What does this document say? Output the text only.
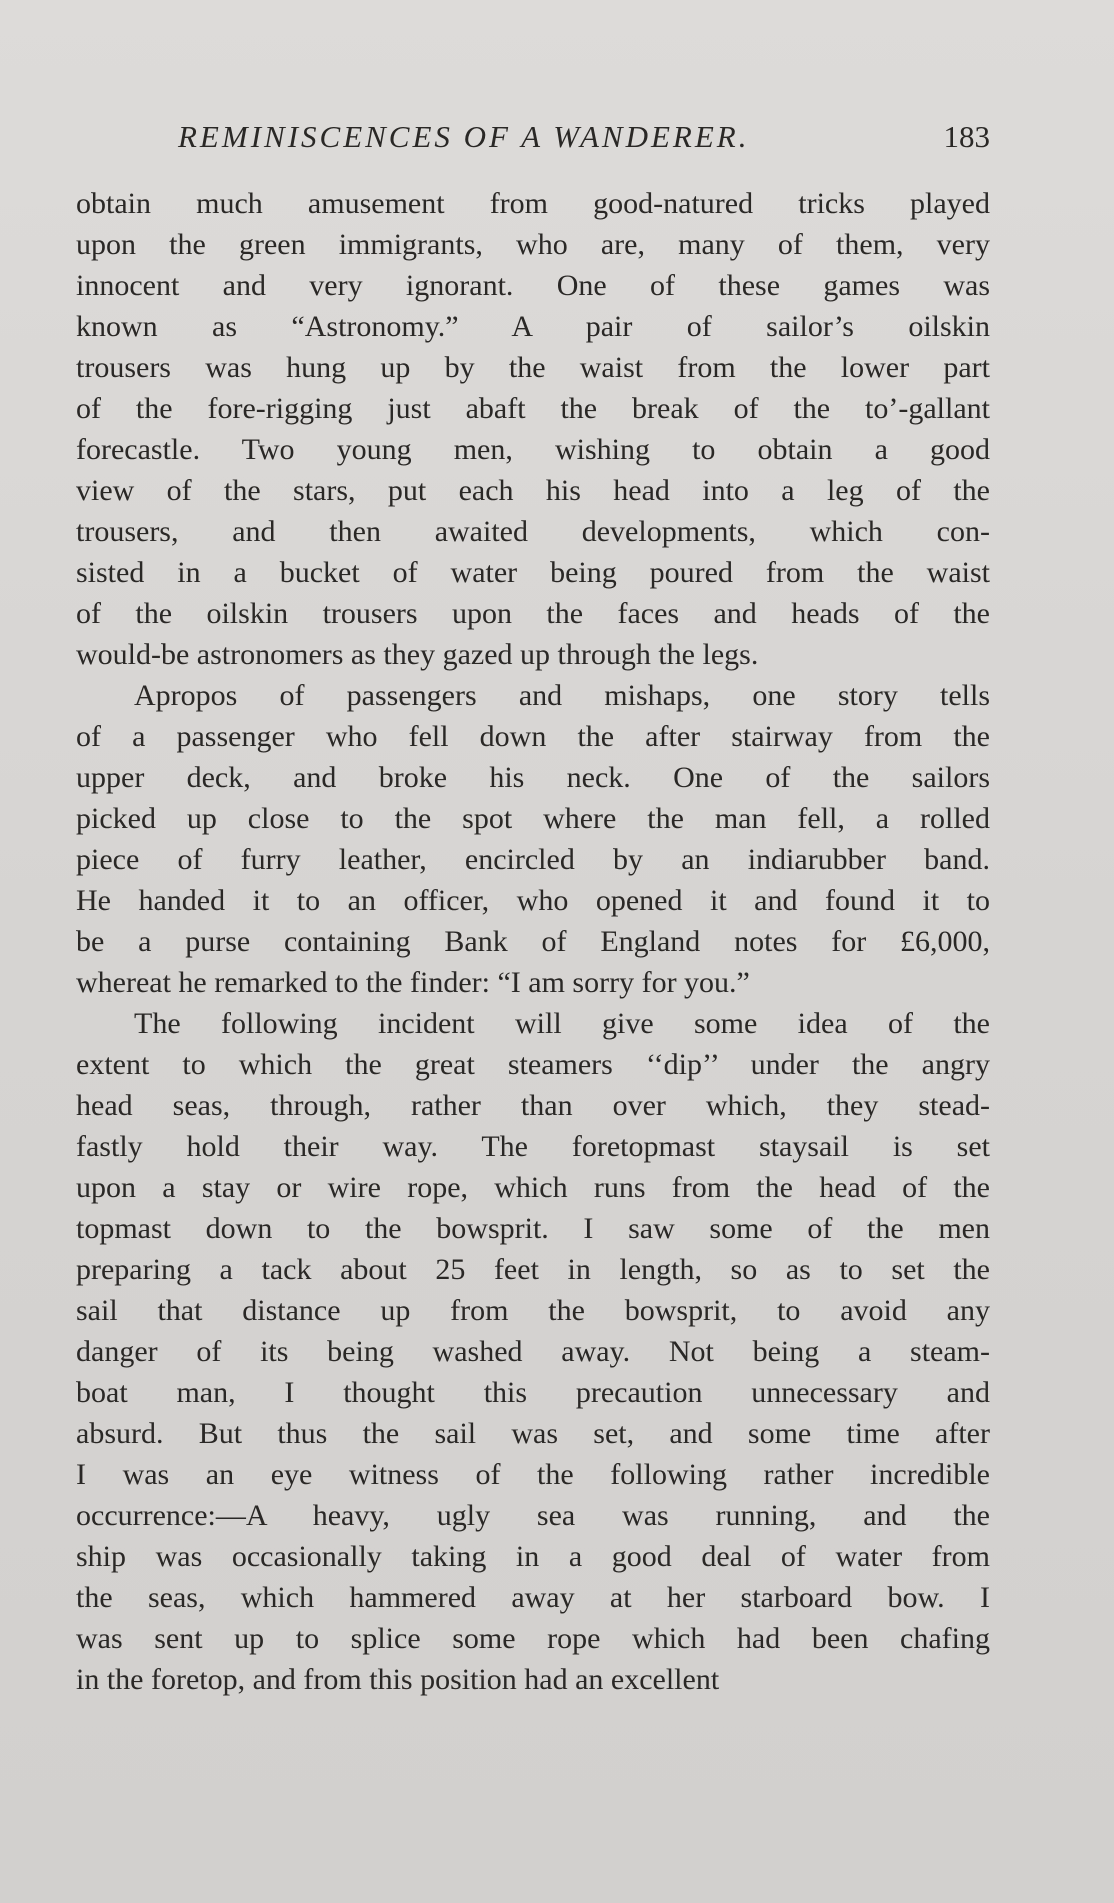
REMINISCENCES OF A WANDERER.	183
obtain much amusement from good-natured tricks played
upon the green immigrants, who are, many of them, very
innocent and very ignorant. One of these games was
known as “Astronomy.” A pair of sailor’s oilskin
trousers was hung up by the waist from the lower part
of the fore-rigging just abaft the break of the to’-gallant
forecastle. Two young men, wishing to obtain a good
view of the stars, put each his head into a leg of the
trousers, and then awaited developments, which con-
sisted in a bucket of water being poured from the waist
of the oilskin trousers upon the faces and heads of the
would-be astronomers as they gazed up through the legs.
Apropos of passengers and mishaps, one story tells
of a passenger who fell down the after stairway from the
upper deck, and broke his neck. One of the sailors
picked up close to the spot where the man fell, a rolled
piece of furry leather, encircled by an indiarubber band.
He handed it to an officer, who opened it and found it to
be a purse containing Bank of England notes for £6,000,
whereat he remarked to the finder: “I am sorry for you.”
The following incident will give some idea of the
extent to which the great steamers ‘‘dip’’ under the angry
head seas, through, rather than over which, they stead-
fastly hold their way. The foretopmast staysail is set
upon a stay or wire rope, which runs from the head of the
topmast down to the bowsprit. I saw some of the men
preparing a tack about 25 feet in length, so as to set the
sail that distance up from the bowsprit, to avoid any
danger of its being washed away. Not being a steam-
boat man, I thought this precaution unnecessary and
absurd. But thus the sail was set, and some time after
I was an eye witness of the following rather incredible
occurrence:—A heavy, ugly sea was running, and the
ship was occasionally taking in a good deal of water from
the seas, which hammered away at her starboard bow. I
was sent up to splice some rope which had been chafing
in the foretop, and from this position had an excellent
